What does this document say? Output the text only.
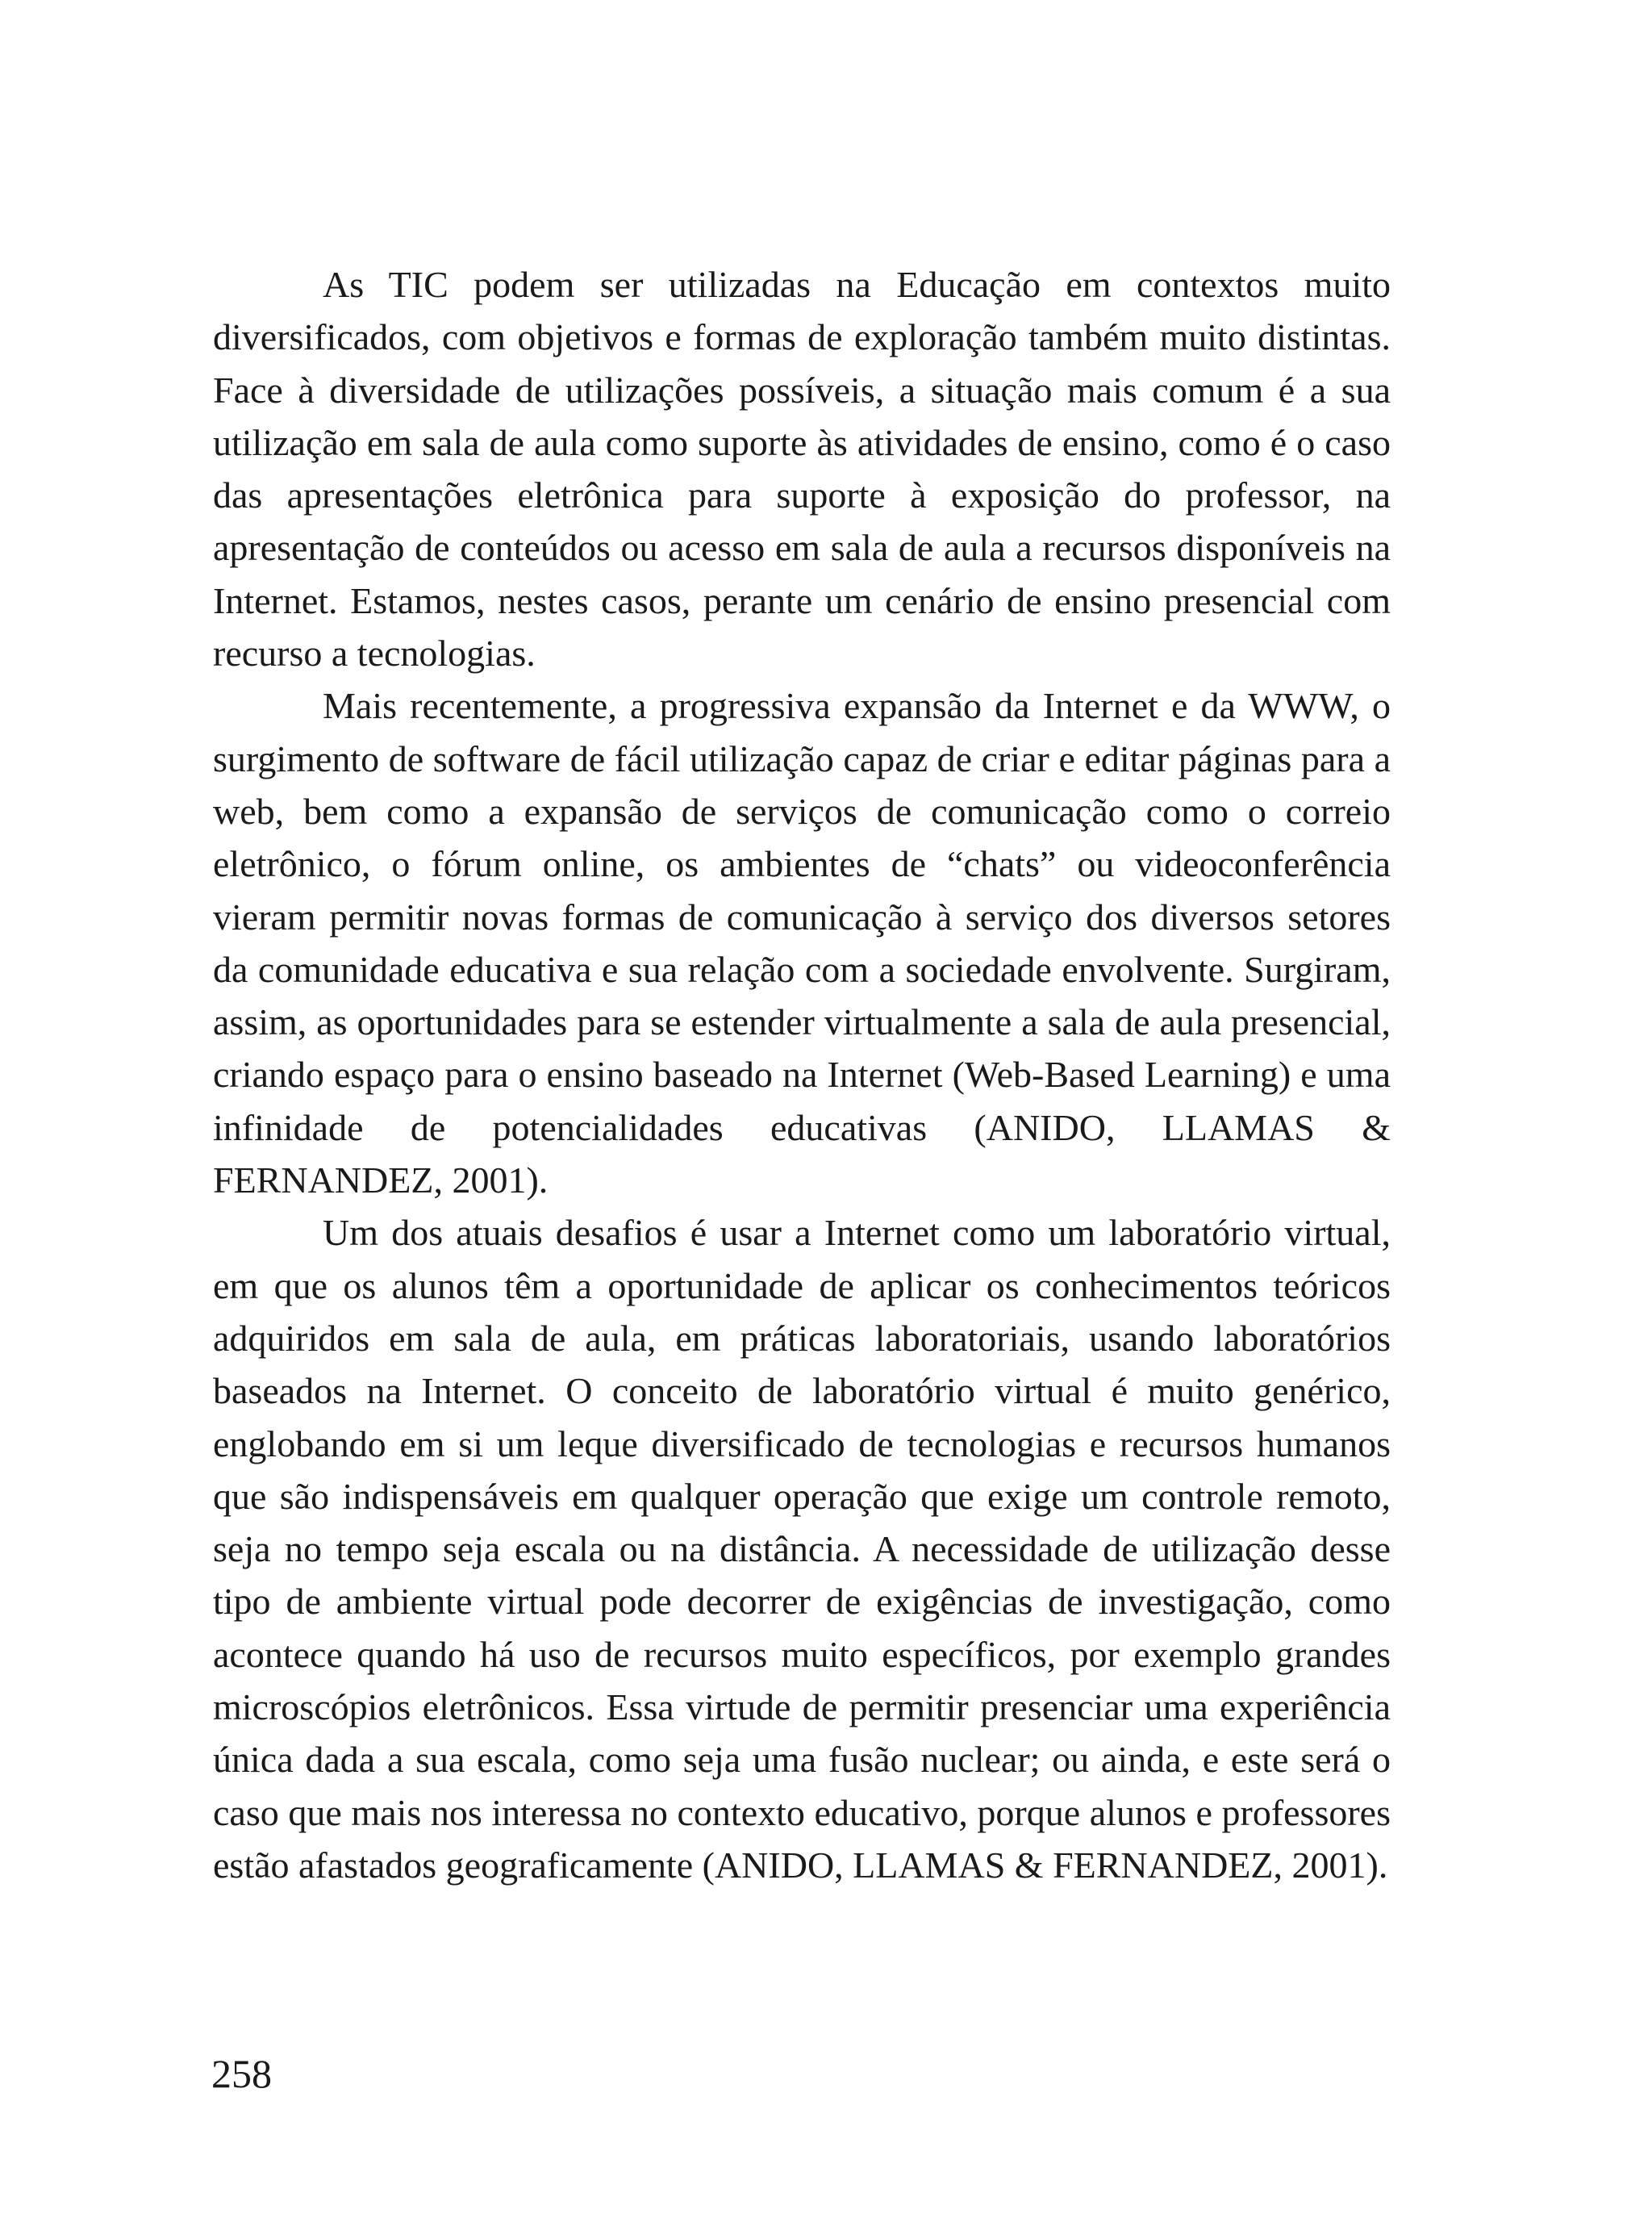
As TIC podem ser utilizadas na Educação em contextos muito diversificados, com objetivos e formas de exploração também muito distintas. Face à diversidade de utilizações possíveis, a situação mais comum é a sua utilização em sala de aula como suporte às atividades de ensino, como é o caso das apresentações eletrônica para suporte à exposição do professor, na apresentação de conteúdos ou acesso em sala de aula a recursos disponíveis na Internet. Estamos, nestes casos, perante um cenário de ensino presencial com recurso a tecnologias.

Mais recentemente, a progressiva expansão da Internet e da WWW, o surgimento de software de fácil utilização capaz de criar e editar páginas para a web, bem como a expansão de serviços de comunicação como o correio eletrônico, o fórum online, os ambientes de “chats” ou videoconferência vieram permitir novas formas de comunicação à serviço dos diversos setores da comunidade educativa e sua relação com a sociedade envolvente. Surgiram, assim, as oportunidades para se estender virtualmente a sala de aula presencial, criando espaço para o ensino baseado na Internet (Web-Based Learning) e uma infinidade de potencialidades educativas (ANIDO, LLAMAS & FERNANDEZ, 2001).

Um dos atuais desafios é usar a Internet como um laboratório virtual, em que os alunos têm a oportunidade de aplicar os conhecimentos teóricos adquiridos em sala de aula, em práticas laboratoriais, usando laboratórios baseados na Internet. O conceito de laboratório virtual é muito genérico, englobando em si um leque diversificado de tecnologias e recursos humanos que são indispensáveis em qualquer operação que exige um controle remoto, seja no tempo seja escala ou na distância. A necessidade de utilização desse tipo de ambiente virtual pode decorrer de exigências de investigação, como acontece quando há uso de recursos muito específicos, por exemplo grandes microscópios eletrônicos. Essa virtude de permitir presenciar uma experiência única dada a sua escala, como seja uma fusão nuclear; ou ainda, e este será o caso que mais nos interessa no contexto educativo, porque alunos e professores estão afastados geograficamente (ANIDO, LLAMAS & FERNANDEZ, 2001).

258
